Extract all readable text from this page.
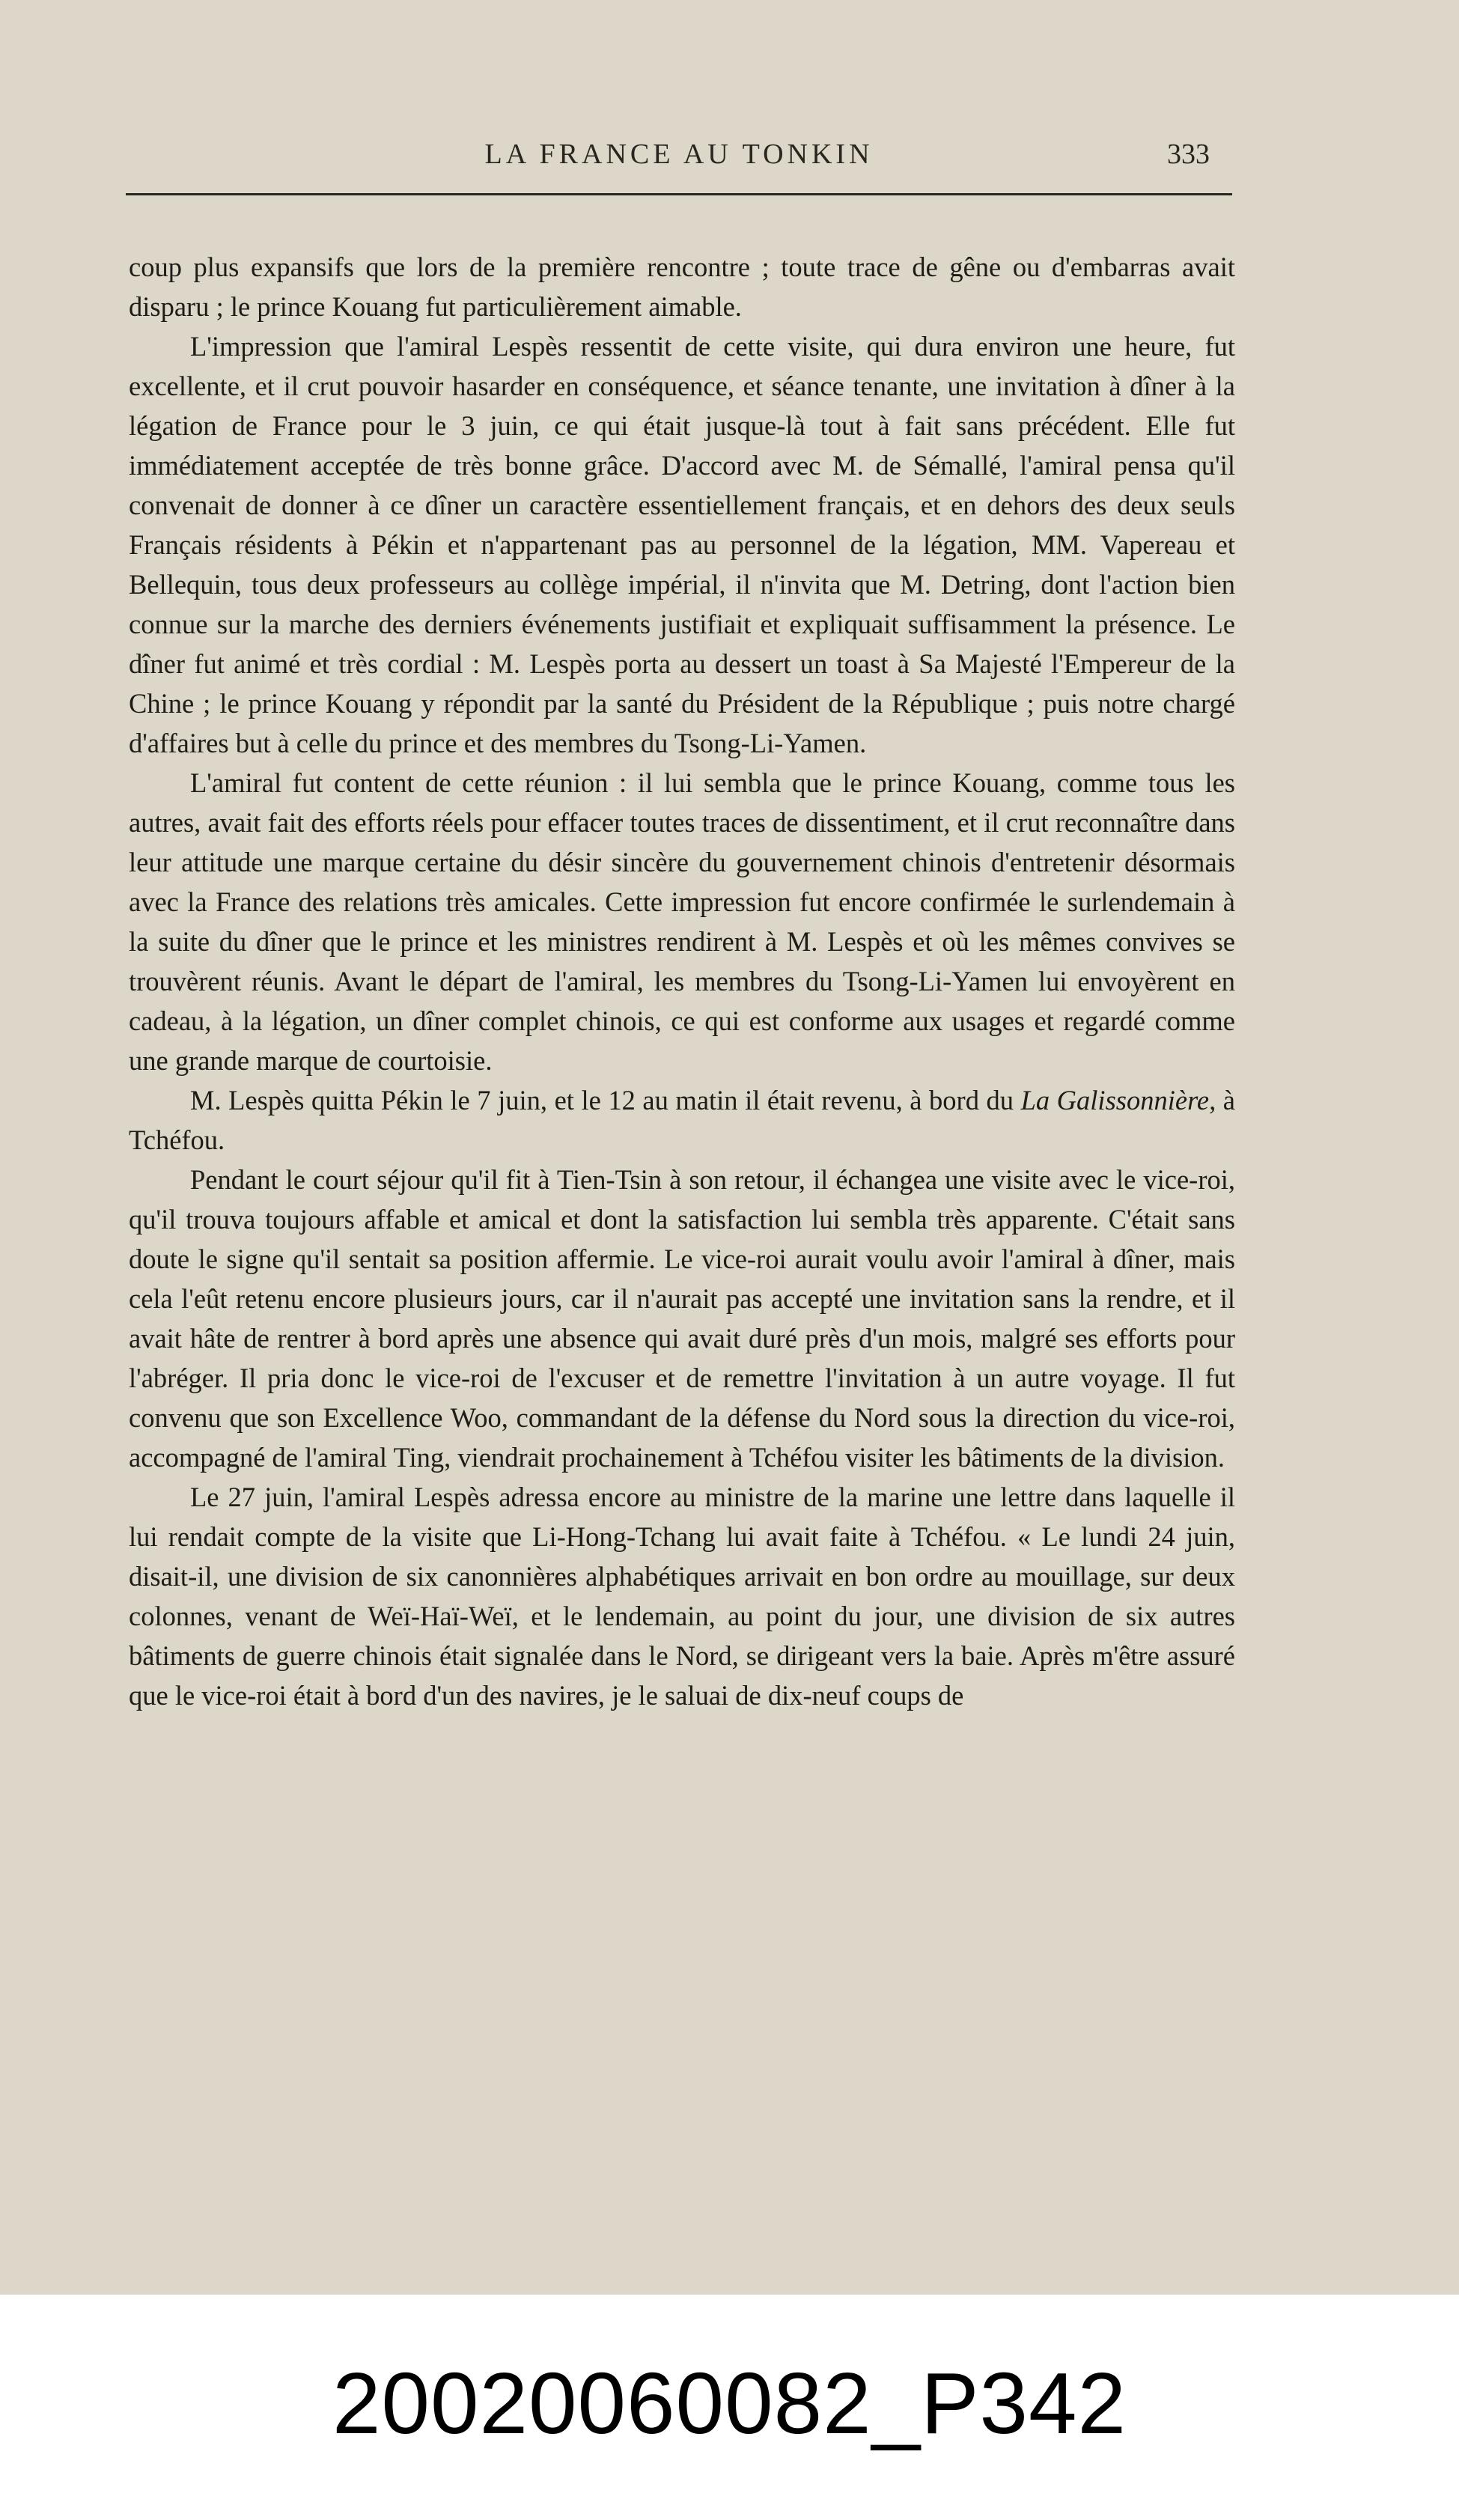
LA FRANCE AU TONKIN	333

coup plus expansifs que lors de la première rencontre ; toute trace de gêne ou d'embarras avait disparu ; le prince Kouang fut particulièrement aimable.

L'impression que l'amiral Lespès ressentit de cette visite, qui dura environ une heure, fut excellente, et il crut pouvoir hasarder en conséquence, et séance tenante, une invitation à dîner à la légation de France pour le 3 juin, ce qui était jusque-là tout à fait sans précédent. Elle fut immédiatement acceptée de très bonne grâce. D'accord avec M. de Sémallé, l'amiral pensa qu'il convenait de donner à ce dîner un caractère essentiellement français, et en dehors des deux seuls Français résidents à Pékin et n'appartenant pas au personnel de la légation, MM. Vapereau et Bellequin, tous deux professeurs au collège impérial, il n'invita que M. Detring, dont l'action bien connue sur la marche des derniers événements justifiait et expliquait suffisamment la présence. Le dîner fut animé et très cordial : M. Lespès porta au dessert un toast à Sa Majesté l'Empereur de la Chine ; le prince Kouang y répondit par la santé du Président de la République ; puis notre chargé d'affaires but à celle du prince et des membres du Tsong-Li-Yamen.

L'amiral fut content de cette réunion : il lui sembla que le prince Kouang, comme tous les autres, avait fait des efforts réels pour effacer toutes traces de dissentiment, et il crut reconnaître dans leur attitude une marque certaine du désir sincère du gouvernement chinois d'entretenir désormais avec la France des relations très amicales. Cette impression fut encore confirmée le surlendemain à la suite du dîner que le prince et les ministres rendirent à M. Lespès et où les mêmes convives se trouvèrent réunis. Avant le départ de l'amiral, les membres du Tsong-Li-Yamen lui envoyèrent en cadeau, à la légation, un dîner complet chinois, ce qui est conforme aux usages et regardé comme une grande marque de courtoisie.

M. Lespès quitta Pékin le 7 juin, et le 12 au matin il était revenu, à bord du La Galissonnière, à Tchéfou.

Pendant le court séjour qu'il fit à Tien-Tsin à son retour, il échangea une visite avec le vice-roi, qu'il trouva toujours affable et amical et dont la satisfaction lui sembla très apparente. C'était sans doute le signe qu'il sentait sa position affermie. Le vice-roi aurait voulu avoir l'amiral à dîner, mais cela l'eût retenu encore plusieurs jours, car il n'aurait pas accepté une invitation sans la rendre, et il avait hâte de rentrer à bord après une absence qui avait duré près d'un mois, malgré ses efforts pour l'abréger. Il pria donc le vice-roi de l'excuser et de remettre l'invitation à un autre voyage. Il fut convenu que son Excellence Woo, commandant de la défense du Nord sous la direction du vice-roi, accompagné de l'amiral Ting, viendrait prochainement à Tchéfou visiter les bâtiments de la division.

Le 27 juin, l'amiral Lespès adressa encore au ministre de la marine une lettre dans laquelle il lui rendait compte de la visite que Li-Hong-Tchang lui avait faite à Tchéfou. « Le lundi 24 juin, disait-il, une division de six canonnières alphabétiques arrivait en bon ordre au mouillage, sur deux colonnes, venant de Weï-Haï-Weï, et le lendemain, au point du jour, une division de six autres bâtiments de guerre chinois était signalée dans le Nord, se dirigeant vers la baie. Après m'être assuré que le vice-roi était à bord d'un des navires, je le saluai de dix-neuf coups de

20020060082_P342
